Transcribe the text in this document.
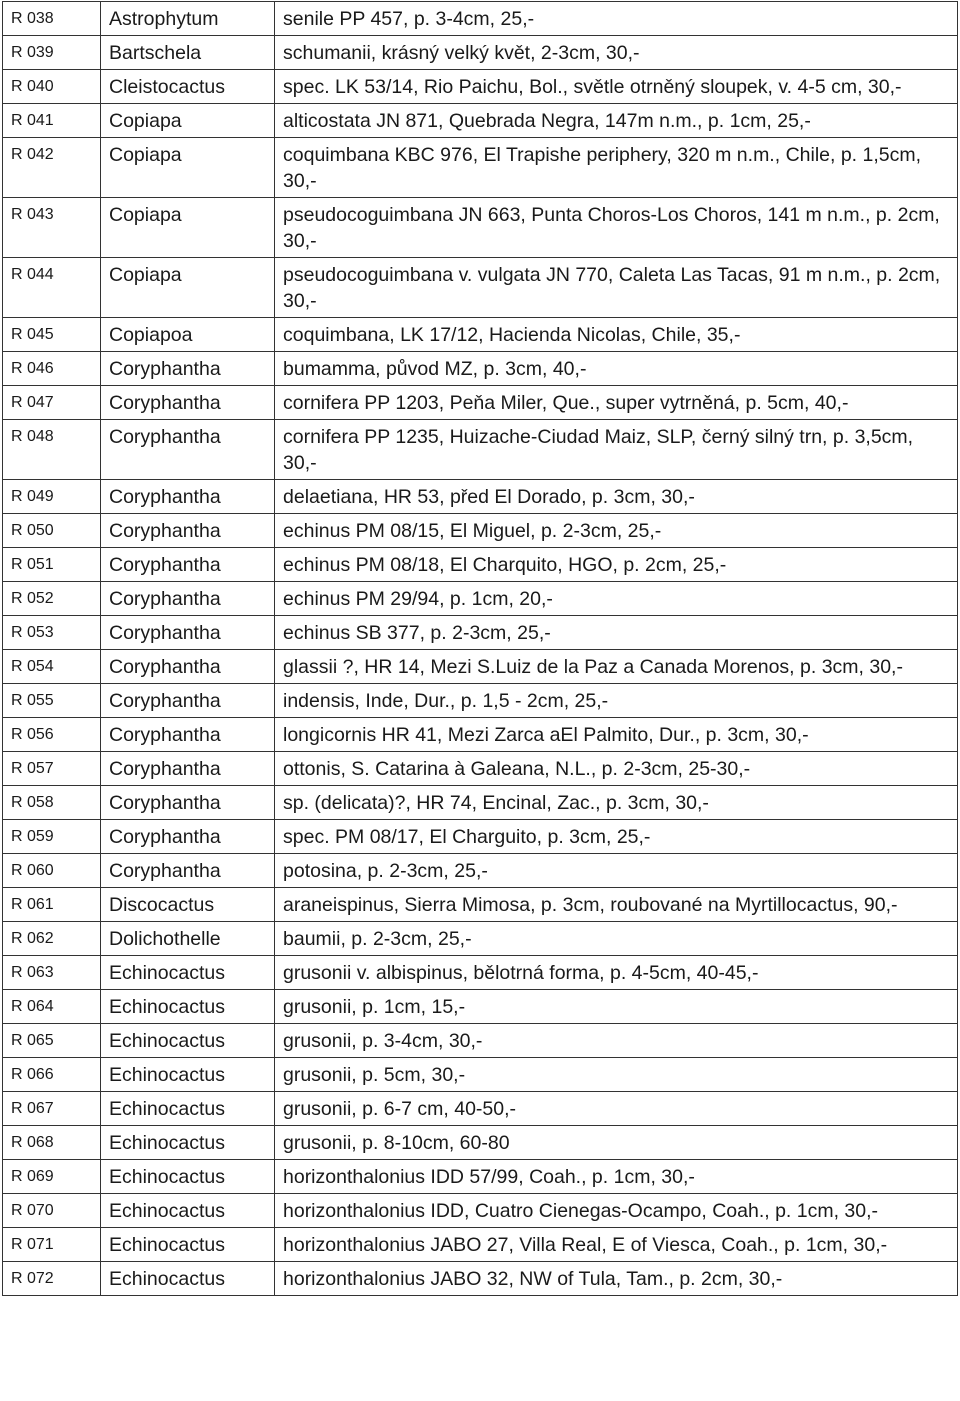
R 038	Astrophytum	senile PP 457, p. 3-4cm, 25,-
R 039	Bartschela	schumanii, krásný velký květ, 2-3cm, 30,-
R 040	Cleistocactus	spec. LK 53/14, Rio Paichu, Bol., světle otrněný sloupek, v. 4-5 cm, 30,-
R 041	Copiapa	alticostata JN 871, Quebrada Negra, 147m n.m., p. 1cm, 25,-
R 042	Copiapa	coquimbana KBC 976, El Trapishe periphery, 320 m n.m., Chile, p. 1,5cm, 30,-
R 043	Copiapa	pseudocoguimbana JN 663, Punta Choros-Los Choros, 141 m n.m., p. 2cm, 30,-
R 044	Copiapa	pseudocoguimbana v. vulgata JN 770, Caleta Las Tacas, 91 m n.m., p. 2cm, 30,-
R 045	Copiapoa	coquimbana, LK 17/12, Hacienda Nicolas, Chile, 35,-
R 046	Coryphantha	bumamma, původ MZ, p. 3cm, 40,-
R 047	Coryphantha	cornifera PP 1203, Peňa Miler, Que., super vytrněná, p. 5cm, 40,-
R 048	Coryphantha	cornifera PP 1235, Huizache-Ciudad Maiz, SLP, černý silný trn, p. 3,5cm, 30,-
R 049	Coryphantha	delaetiana, HR 53, před El Dorado, p. 3cm, 30,-
R 050	Coryphantha	echinus PM 08/15, El Miguel, p. 2-3cm, 25,-
R 051	Coryphantha	echinus PM 08/18, El Charquito, HGO, p. 2cm, 25,-
R 052	Coryphantha	echinus PM 29/94, p. 1cm, 20,-
R 053	Coryphantha	echinus SB 377, p. 2-3cm, 25,-
R 054	Coryphantha	glassii ?, HR 14, Mezi S.Luiz de la Paz a Canada Morenos, p. 3cm, 30,-
R 055	Coryphantha	indensis, Inde, Dur., p. 1,5 - 2cm, 25,-
R 056	Coryphantha	longicornis HR 41, Mezi Zarca aEl Palmito, Dur., p. 3cm, 30,-
R 057	Coryphantha	ottonis, S. Catarina à Galeana, N.L., p. 2-3cm, 25-30,-
R 058	Coryphantha	sp. (delicata)?, HR 74, Encinal, Zac., p. 3cm, 30,-
R 059	Coryphantha	spec. PM 08/17, El Charguito, p. 3cm, 25,-
R 060	Coryphantha	potosina, p. 2-3cm, 25,-
R 061	Discocactus	araneispinus, Sierra Mimosa, p. 3cm, roubované na Myrtillocactus, 90,-
R 062	Dolichothelle	baumii, p. 2-3cm, 25,-
R 063	Echinocactus	grusonii v. albispinus, bělotrná forma, p. 4-5cm, 40-45,-
R 064	Echinocactus	grusonii, p. 1cm, 15,-
R 065	Echinocactus	grusonii, p. 3-4cm, 30,-
R 066	Echinocactus	grusonii, p. 5cm, 30,-
R 067	Echinocactus	grusonii, p. 6-7 cm, 40-50,-
R 068	Echinocactus	grusonii, p. 8-10cm, 60-80
R 069	Echinocactus	horizonthalonius IDD 57/99, Coah., p. 1cm, 30,-
R 070	Echinocactus	horizonthalonius IDD, Cuatro Cienegas-Ocampo, Coah., p. 1cm, 30,-
R 071	Echinocactus	horizonthalonius JABO 27, Villa Real, E of Viesca, Coah., p. 1cm, 30,-
R 072	Echinocactus	horizonthalonius JABO 32, NW of Tula, Tam., p. 2cm, 30,-
